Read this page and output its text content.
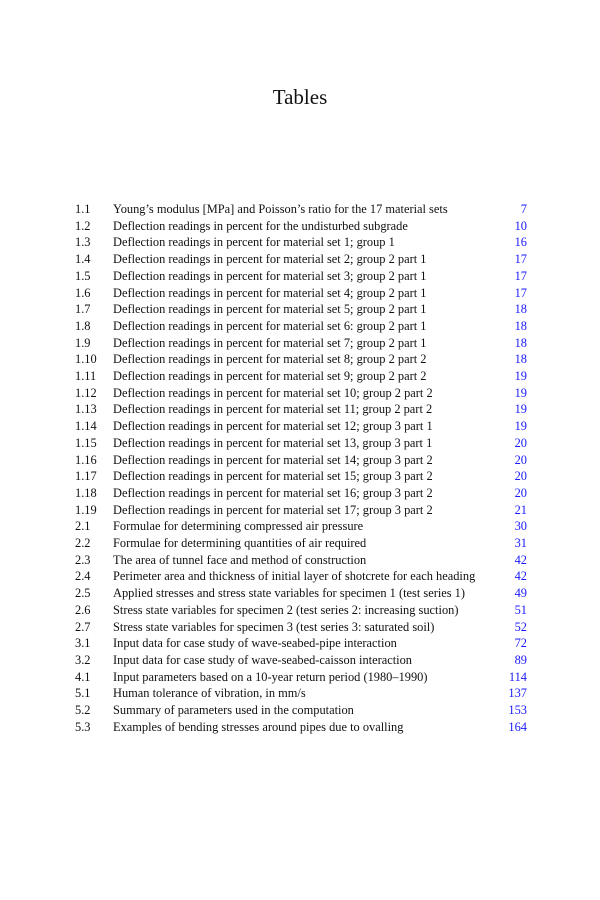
Tables
1.1	Young’s modulus [MPa] and Poisson’s ratio for the 17 material sets	7
1.2	Deflection readings in percent for the undisturbed subgrade	10
1.3	Deflection readings in percent for material set 1; group 1	16
1.4	Deflection readings in percent for material set 2; group 2 part 1	17
1.5	Deflection readings in percent for material set 3; group 2 part 1	17
1.6	Deflection readings in percent for material set 4; group 2 part 1	17
1.7	Deflection readings in percent for material set 5; group 2 part 1	18
1.8	Deflection readings in percent for material set 6: group 2 part 1	18
1.9	Deflection readings in percent for material set 7; group 2 part 1	18
1.10	Deflection readings in percent for material set 8; group 2 part 2	18
1.11	Deflection readings in percent for material set 9; group 2 part 2	19
1.12	Deflection readings in percent for material set 10; group 2 part 2	19
1.13	Deflection readings in percent for material set 11; group 2 part 2	19
1.14	Deflection readings in percent for material set 12; group 3 part 1	19
1.15	Deflection readings in percent for material set 13, group 3 part 1	20
1.16	Deflection readings in percent for material set 14; group 3 part 2	20
1.17	Deflection readings in percent for material set 15; group 3 part 2	20
1.18	Deflection readings in percent for material set 16; group 3 part 2	20
1.19	Deflection readings in percent for material set 17; group 3 part 2	21
2.1	Formulae for determining compressed air pressure	30
2.2	Formulae for determining quantities of air required	31
2.3	The area of tunnel face and method of construction	42
2.4	Perimeter area and thickness of initial layer of shotcrete for each heading	42
2.5	Applied stresses and stress state variables for specimen 1 (test series 1)	49
2.6	Stress state variables for specimen 2 (test series 2: increasing suction)	51
2.7	Stress state variables for specimen 3 (test series 3: saturated soil)	52
3.1	Input data for case study of wave-seabed-pipe interaction	72
3.2	Input data for case study of wave-seabed-caisson interaction	89
4.1	Input parameters based on a 10-year return period (1980–1990)	114
5.1	Human tolerance of vibration, in mm/s	137
5.2	Summary of parameters used in the computation	153
5.3	Examples of bending stresses around pipes due to ovalling	164
